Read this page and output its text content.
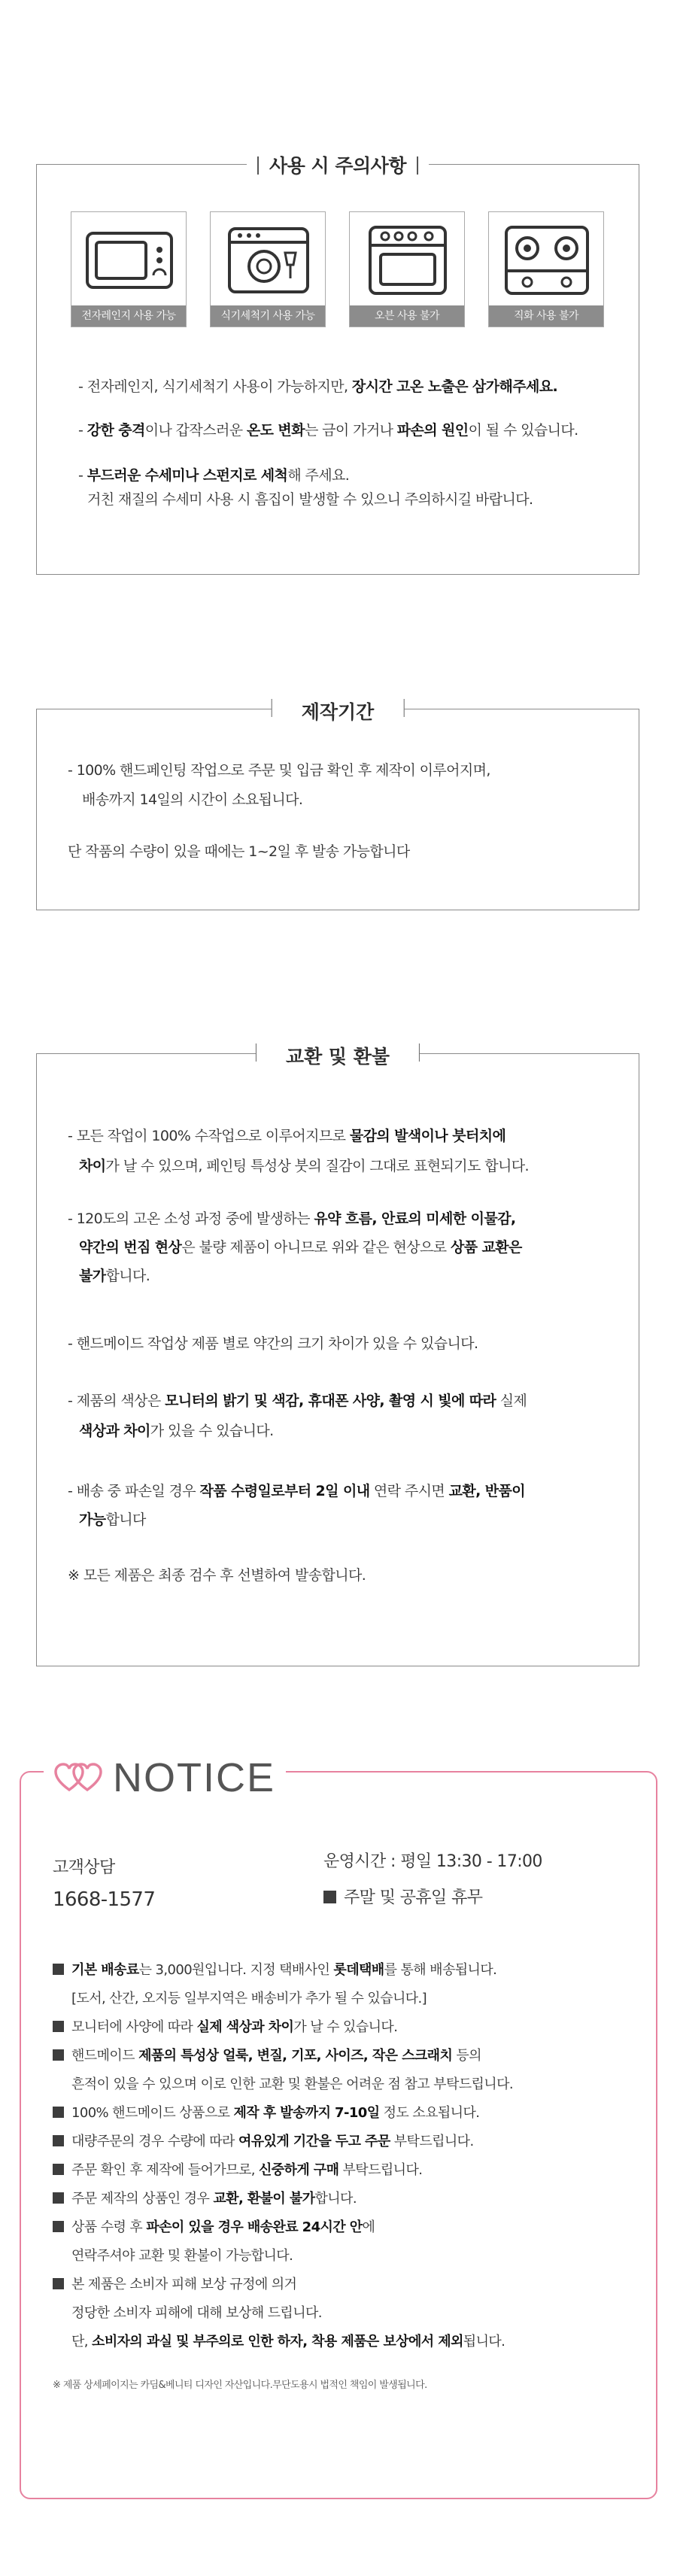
사용 시 주의사항
전자레인지 사용 가능	식기세척기 사용 가능	오븐 사용 불가	직화 사용 불가
- 전자레인지, 식기세척기 사용이 가능하지만, 장시간 고온 노출은 삼가해주세요.
- 강한 충격이나 갑작스러운 온도 변화는 금이 가거나 파손의 원인이 될 수 있습니다.
- 부드러운 수세미나 스펀지로 세척해 주세요.
거친 재질의 수세미 사용 시 흠집이 발생할 수 있으니 주의하시길 바랍니다.
제작기간
- 100% 핸드페인팅 작업으로 주문 및 입금 확인 후 제작이 이루어지며,
배송까지 14일의 시간이 소요됩니다.
단 작품의 수량이 있을 때에는 1~2일 후 발송 가능합니다
교환 및 환불
- 모든 작업이 100% 수작업으로 이루어지므로 물감의 발색이나 붓터치에
차이가 날 수 있으며, 페인팅 특성상 붓의 질감이 그대로 표현되기도 합니다.
- 120도의 고온 소성 과정 중에 발생하는 유약 흐름, 안료의 미세한 이물감,
약간의 번짐 현상은 불량 제품이 아니므로 위와 같은 현상으로 상품 교환은
불가합니다.
- 핸드메이드 작업상 제품 별로 약간의 크기 차이가 있을 수 있습니다.
- 제품의 색상은 모니터의 밝기 및 색감, 휴대폰 사양, 촬영 시 빛에 따라 실제
색상과 차이가 있을 수 있습니다.
- 배송 중 파손일 경우 작품 수령일로부터 2일 이내 연락 주시면 교환, 반품이
가능합니다
※ 모든 제품은 최종 검수 후 선별하여 발송합니다.
NOTICE
고객상담
1668-1577
운영시간 : 평일 13:30 - 17:00
주말 및 공휴일 휴무
기본 배송료는 3,000원입니다. 지정 택배사인 롯데택배를 통해 배송됩니다.
[도서, 산간, 오지등 일부지역은 배송비가 추가 될 수 있습니다.]
모니터에 사양에 따라 실제 색상과 차이가 날 수 있습니다.
핸드메이드 제품의 특성상 얼룩, 변질, 기포, 사이즈, 작은 스크래치 등의
흔적이 있을 수 있으며 이로 인한 교환 및 환불은 어려운 점 참고 부탁드립니다.
100% 핸드메이드 상품으로 제작 후 발송까지 7-10일 정도 소요됩니다.
대량주문의 경우 수량에 따라 여유있게 기간을 두고 주문 부탁드립니다.
주문 확인 후 제작에 들어가므로, 신중하게 구매 부탁드립니다.
주문 제작의 상품인 경우 교환, 환불이 불가합니다.
상품 수령 후 파손이 있을 경우 배송완료 24시간 안에
연락주셔야 교환 및 환불이 가능합니다.
본 제품은 소비자 피해 보상 규정에 의거
정당한 소비자 피해에 대해 보상해 드립니다.
단, 소비자의 과실 및 부주의로 인한 하자, 착용 제품은 보상에서 제외됩니다.
※ 제품 상세페이지는 카딤&베니티 디자인 자산입니다.무단도용시 법적인 책임이 발생됩니다.
